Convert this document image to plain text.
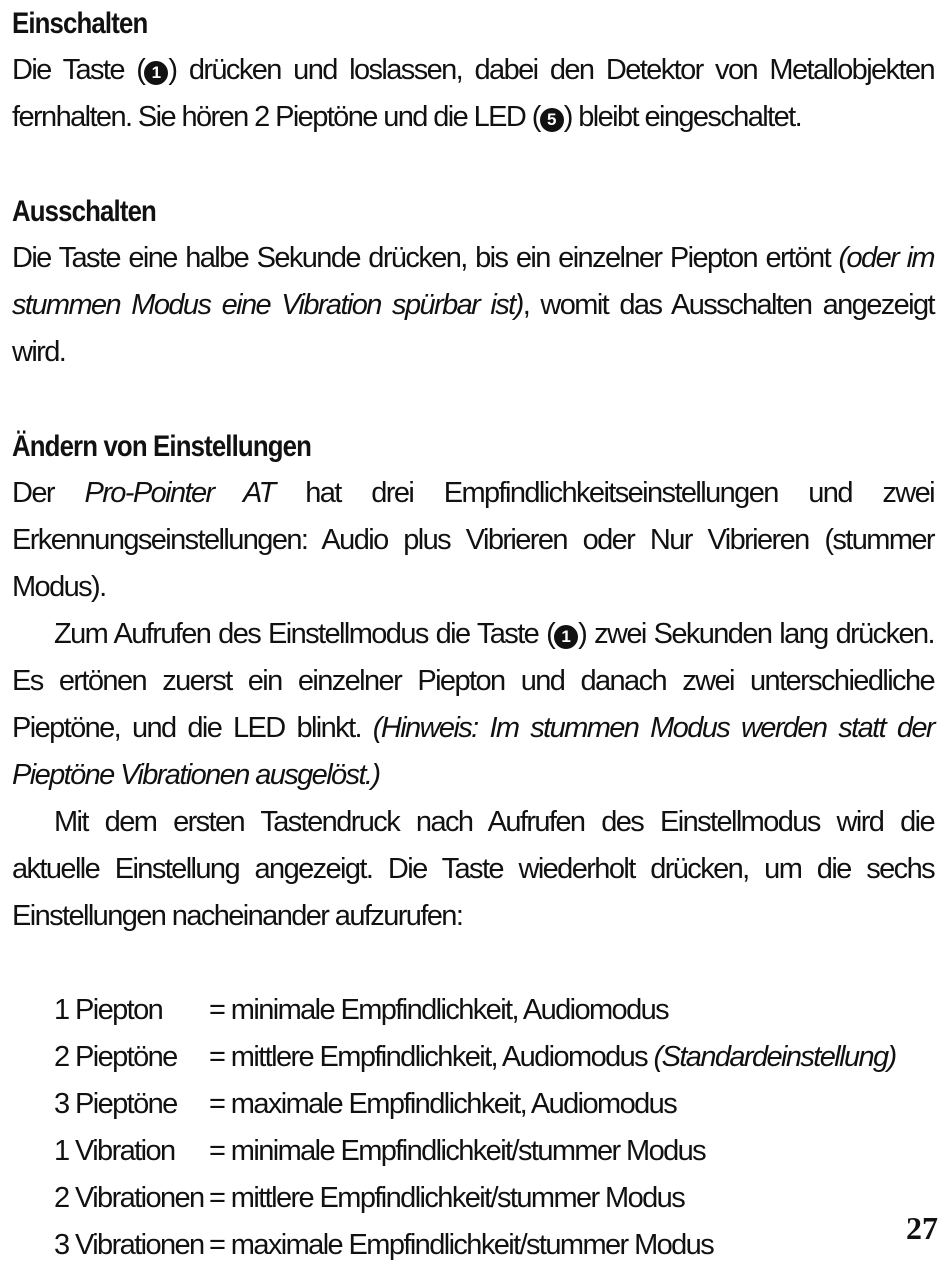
Einschalten

Die Taste ( 1 ) drücken und loslassen, dabei den Detektor von Metallobjekten fernhalten. Sie hören 2 Pieptöne und die LED ( 5 ) bleibt eingeschaltet.

Ausschalten

Die Taste eine halbe Sekunde drücken, bis ein einzelner Piepton ertönt (oder im stummen Modus eine Vibration spürbar ist), womit das Ausschalten angezeigt wird.

Ändern von Einstellungen

Der Pro-Pointer AT hat drei Empfindlichkeitseinstellungen und zwei Erkennungseinstellungen: Audio plus Vibrieren oder Nur Vibrieren (stummer Modus).

Zum Aufrufen des Einstellmodus die Taste ( 1 ) zwei Sekunden lang drücken. Es ertönen zuerst ein einzelner Piepton und danach zwei unterschiedliche Pieptöne, und die LED blinkt. (Hinweis: Im stummen Modus werden statt der Pieptöne Vibrationen ausgelöst.)

Mit dem ersten Tastendruck nach Aufrufen des Einstellmodus wird die aktuelle Einstellung angezeigt. Die Taste wiederholt drücken, um die sechs Einstellungen nacheinander aufzurufen:

1 Piepton	= minimale Empfindlichkeit, Audiomodus
2 Pieptöne	= mittlere Empfindlichkeit, Audiomodus (Standardeinstellung)
3 Pieptöne	= maximale Empfindlichkeit, Audiomodus
1 Vibration	= minimale Empfindlichkeit/stummer Modus
2 Vibrationen = mittlere Empfindlichkeit/stummer Modus
3 Vibrationen = maximale Empfindlichkeit/stummer Modus	27
